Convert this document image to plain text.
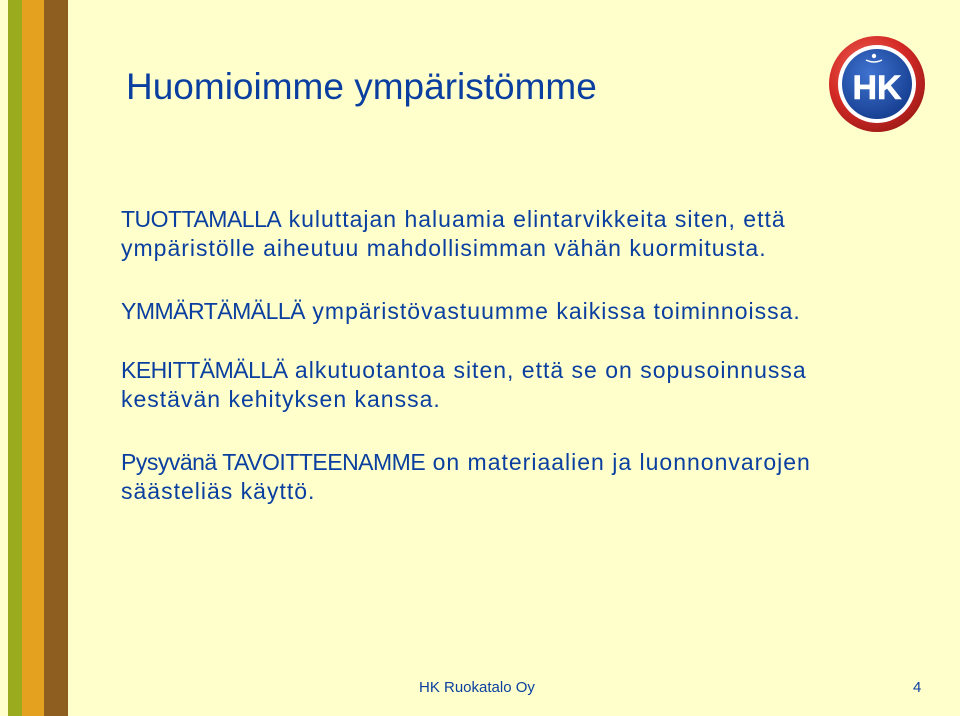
Huomioimme ympäristömme	HK

TUOTTAMALLA kuluttajan haluamia elintarvikkeita siten, että ympäristölle aiheutuu mahdollisimman vähän kuormitusta.

YMMÄRTÄMÄLLÄ ympäristövastuumme kaikissa toiminnoissa.

KEHITTÄMÄLLÄ alkutuotantoa siten, että se on sopusoinnussa kestävän kehityksen kanssa.

Pysyvänä TAVOITTEENAMME on materiaalien ja luonnonvarojen säästeliäs käyttö.

HK Ruokatalo Oy	4
